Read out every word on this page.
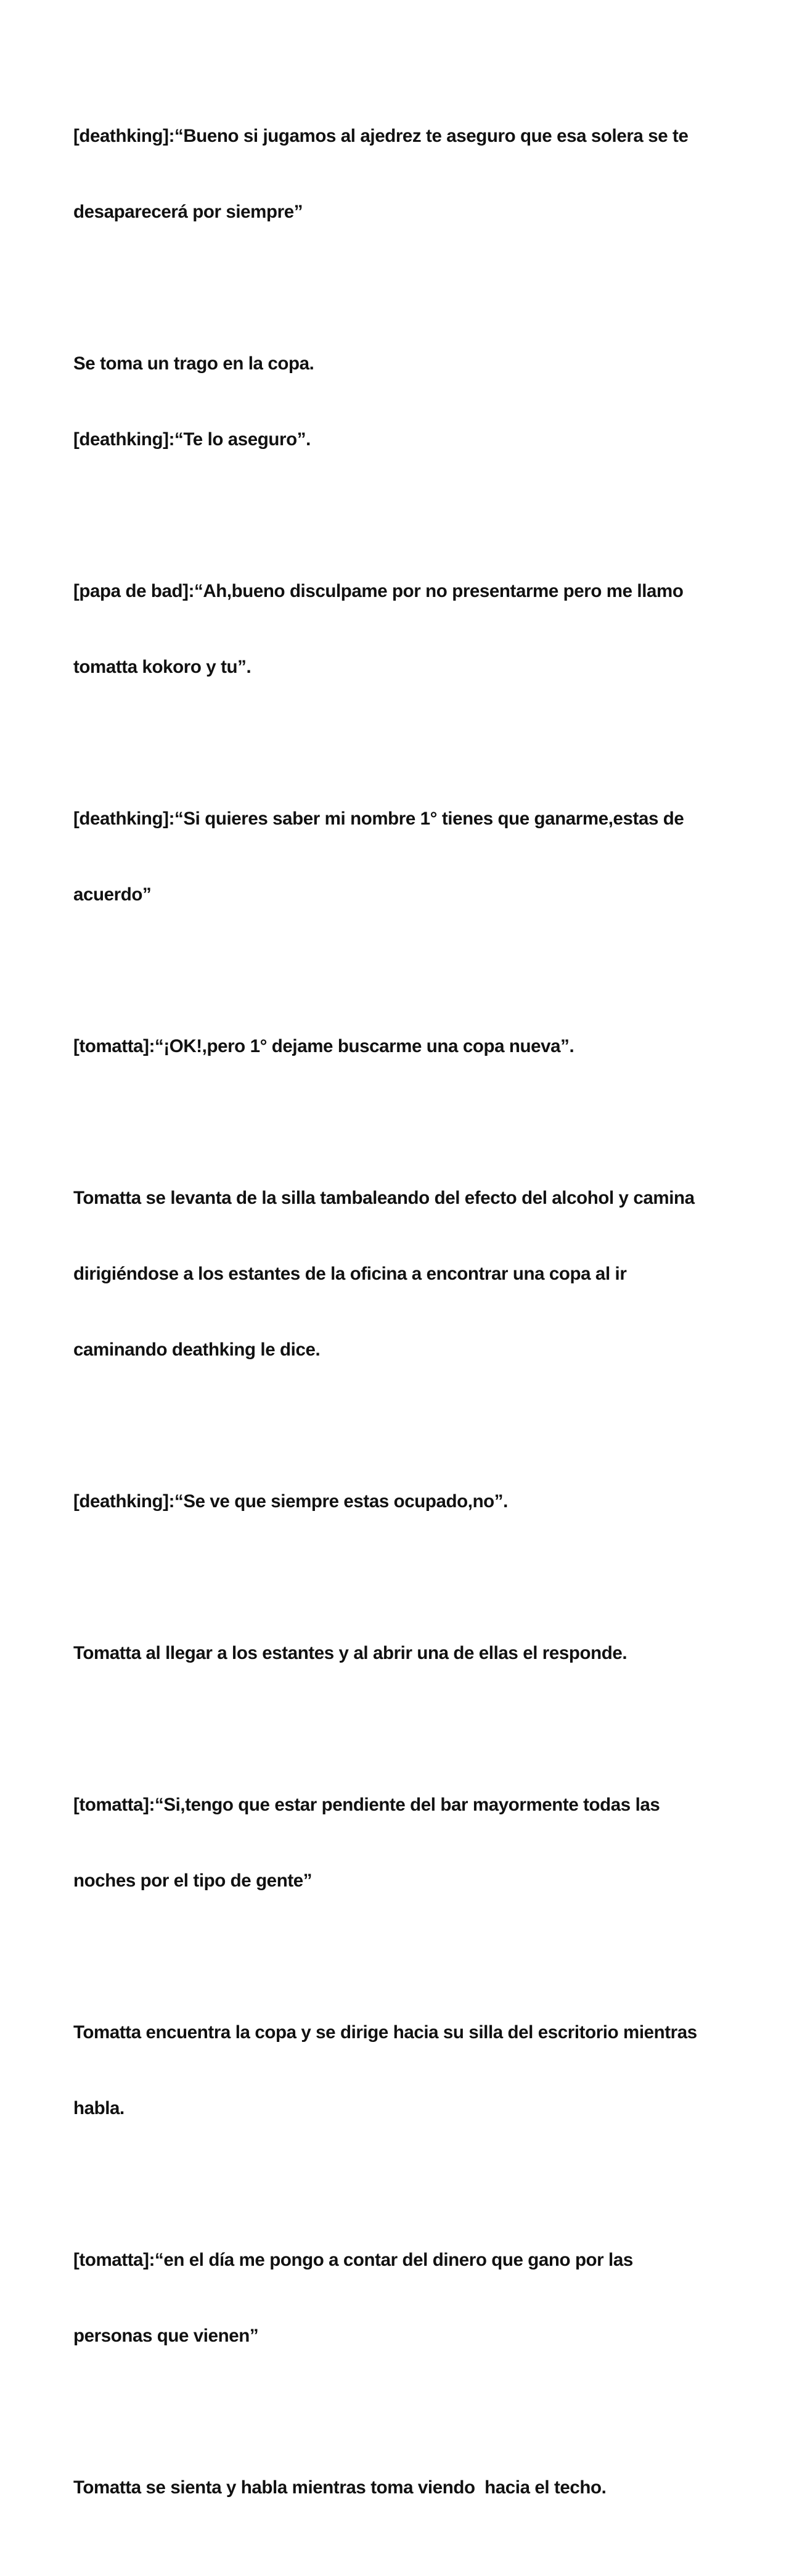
[deathking]:“Bueno si jugamos al ajedrez te aseguro que esa solera se te

desaparecerá por siempre”

Se toma un trago en la copa.

[deathking]:“Te lo aseguro”.

[papa de bad]:“Ah,bueno disculpame por no presentarme pero me llamo

tomatta kokoro y tu”.

[deathking]:“Si quieres saber mi nombre 1° tienes que ganarme,estas de

acuerdo”

[tomatta]:“¡OK!,pero 1° dejame buscarme una copa nueva”.

Tomatta se levanta de la silla tambaleando del efecto del alcohol y camina

dirigiéndose a los estantes de la oficina a encontrar una copa al ir

caminando deathking le dice.

[deathking]:“Se ve que siempre estas ocupado,no”.

Tomatta al llegar a los estantes y al abrir una de ellas el responde.

[tomatta]:“Si,tengo que estar pendiente del bar mayormente todas las

noches por el tipo de gente”

Tomatta encuentra la copa y se dirige hacia su silla del escritorio mientras

habla.

[tomatta]:“en el día me pongo a contar del dinero que gano por las

personas que vienen”

Tomatta se sienta y habla mientras toma viendo  hacia el techo.
